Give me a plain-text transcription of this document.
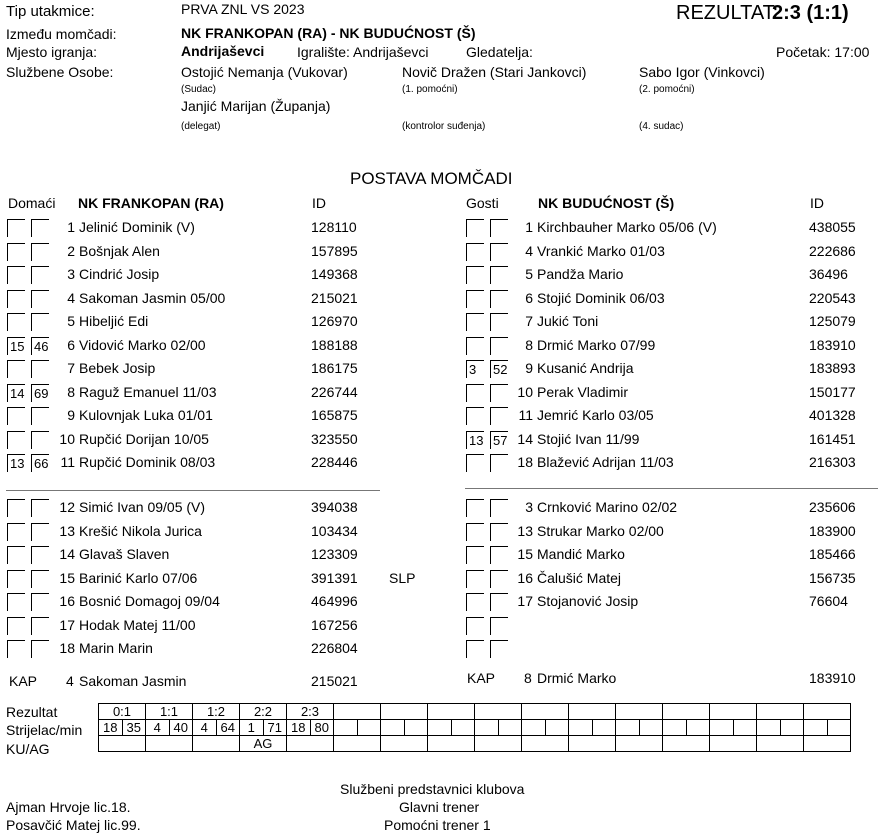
Tip utakmice:	PRVA ZNL VS 2023	REZULTAT:
2:3 (1:1)
Između momčadi:	NK FRANKOPAN (RA) - NK BUDUĆNOST (Š)
Mjesto igranja:	Andrijaševci Igralište: Andrijaševci	Gledatelja:	Početak: 17:00
Službene Osobe:	Ostojić Nemanja (Vukovar)
(Sudac)
Novič Dražen (Stari Jankovci)
(1. pomoćni)
Sabo Igor (Vinkovci)
(2. pomoćni)
Janjić Marijan (Županja)
(delegat)	(kontrolor suđenja)	(4. sudac)
POSTAVA MOMČADI
Domaći NK FRANKOPAN (RA)	ID	Gosti	NK BUDUĆNOST (Š)	ID
1 Jelinić Dominik (V)	128110
2 Bošnjak Alen	157895
3 Cindrić Josip	149368
4 Sakoman Jasmin 05/00	215021
5 Hibeljić Edi	126970
15 46	6 Vidović Marko 02/00	188188
7 Bebek Josip	186175
14 69	8 Raguž Emanuel 11/03	226744
9 Kulovnjak Luka 01/01	165875
10 Rupčić Dorijan 10/05	323550
13 66 11 Rupčić Dominik 08/03	228446
12 Simić Ivan 09/05 (V)	394038
13 Krešić Nikola Jurica	103434
14 Glavaš Slaven	123309
15 Barinić Karlo 07/06	391391 SLP
16 Bosnić Domagoj 09/04	464996
17 Hodak Matej 11/00	167256
18 Marin Marin	226804
1 Kirchbauher Marko 05/06 (V)	438055
4 Vrankić Marko 01/03	222686
5 Pandža Mario	36496
6 Stojić Dominik 06/03	220543
7 Jukić Toni	125079
8 Drmić Marko 07/99	183910
3	52	9 Kusanić Andrija	183893
10 Perak Vladimir	150177
11 Jemrić Karlo 03/05	401328
13 57 14 Stojić Ivan 11/99	161451
18 Blažević Adrijan 11/03	216303
3 Crnković Marino 02/02	235606
13 Strukar Marko 02/00	183900
15 Mandić Marko	185466
16 Čalušić Matej	156735
17 Stojanović Josip	76604
KAP 4 Sakoman Jasmin	215021	KAP 8 Drmić Marko	183910
Rezultat
Strijelac/min
KU/AG
0:1		1:1		1:2		2:2		2:3																							
18	35	4	40	4	64	1	71	18	80																						
						AG																									
Službeni predstavnici klubova
Ajman Hrvoje lic.18.
Posavčić Matej lic.99.
Glavni trener
Pomoćni trener 1
